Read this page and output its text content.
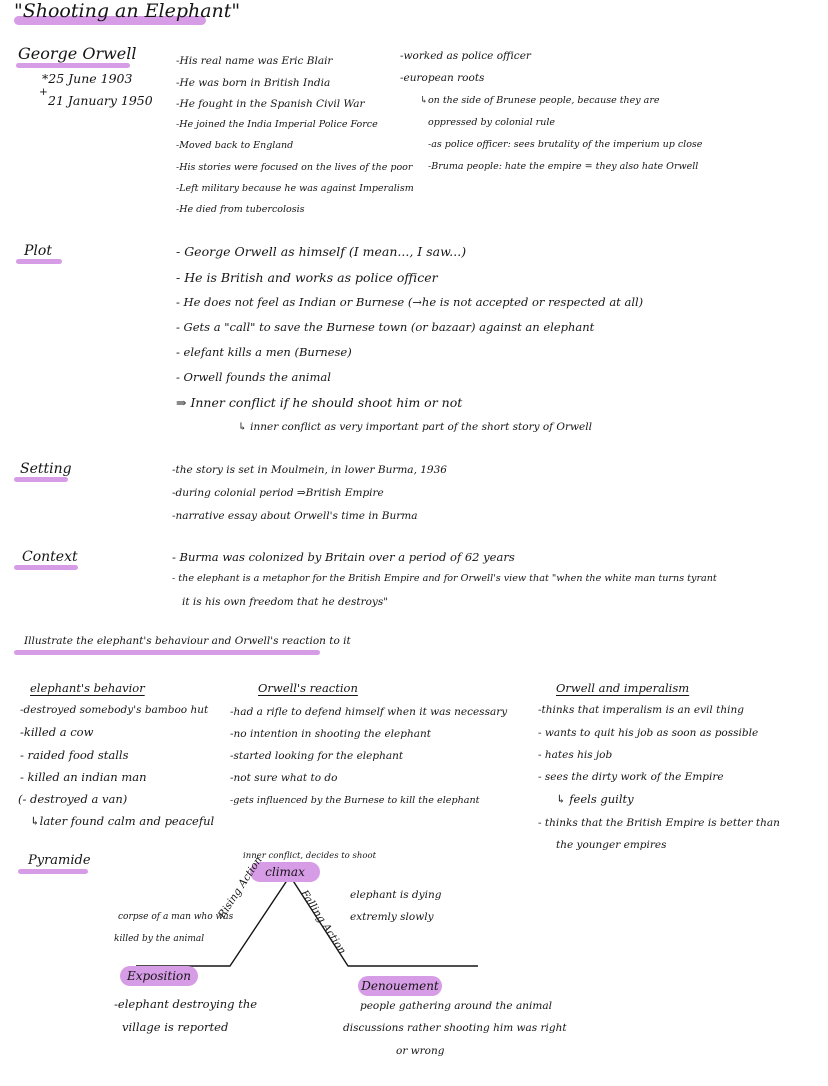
"Shooting an Elephant"
George Orwell
*25 June 1903
+
21 January 1950
-His real name was Eric Blair
-He was born in British India
-He fought in the Spanish Civil War
-He joined the India Imperial Police Force
-Moved back to England
-His stories were focused on the lives of the poor
-Left military because he was against Imperalism
-He died from tubercolosis
-worked as police officer
-european roots
↳on the side of Brunese people, because they are
oppressed by colonial rule
-as police officer: sees brutality of the imperium up close
-Bruma people: hate the empire = they also hate Orwell
Plot	- George Orwell as himself (I mean..., I saw...)
- He is British and works as police officer
- He does not feel as Indian or Burnese (→he is not accepted or respected at all)
- Gets a "call" to save the Burnese town (or bazaar) against an elephant
- elefant kills a men (Burnese)
- Orwell founds the animal
⇒ Inner conflict if he should shoot him or not
↳ inner conflict as very important part of the short story of Orwell
Setting	-the story is set in Moulmein, in lower Burma, 1936
-during colonial period ⇒British Empire
-narrative essay about Orwell's time in Burma
Context	- Burma was colonized by Britain over a period of 62 years
- the elephant is a metaphor for the British Empire and for Orwell's view that "when the white man turns tyrant
it is his own freedom that he destroys"
Illustrate the elephant's behaviour and Orwell's reaction to it
elephant's behavior
-destroyed somebody's bamboo hut
-killed a cow
- raided food stalls
- killed an indian man
(- destroyed a van)
↳later found calm and peaceful
Orwell's reaction
-had a rifle to defend himself when it was necessary
-no intention in shooting the elephant
-started looking for the elephant
-not sure what to do
-gets influenced by the Burnese to kill the elephant
Orwell and imperalism
-thinks that imperalism is an evil thing
- wants to quit his job as soon as possible
- hates his job
- sees the dirty work of the Empire
↳ feels guilty
- thinks that the British Empire is better than
the younger empires
Pyramide	inner conflict, decides to shoot
climax
Rising Action
Falling Action
corpse of a man who was
killed by the animal
elephant is dying
extremly slowly
Exposition
-elephant destroying the
village is reported
Denouement
people gathering around the animal
discussions rather shooting him was right
or wrong
